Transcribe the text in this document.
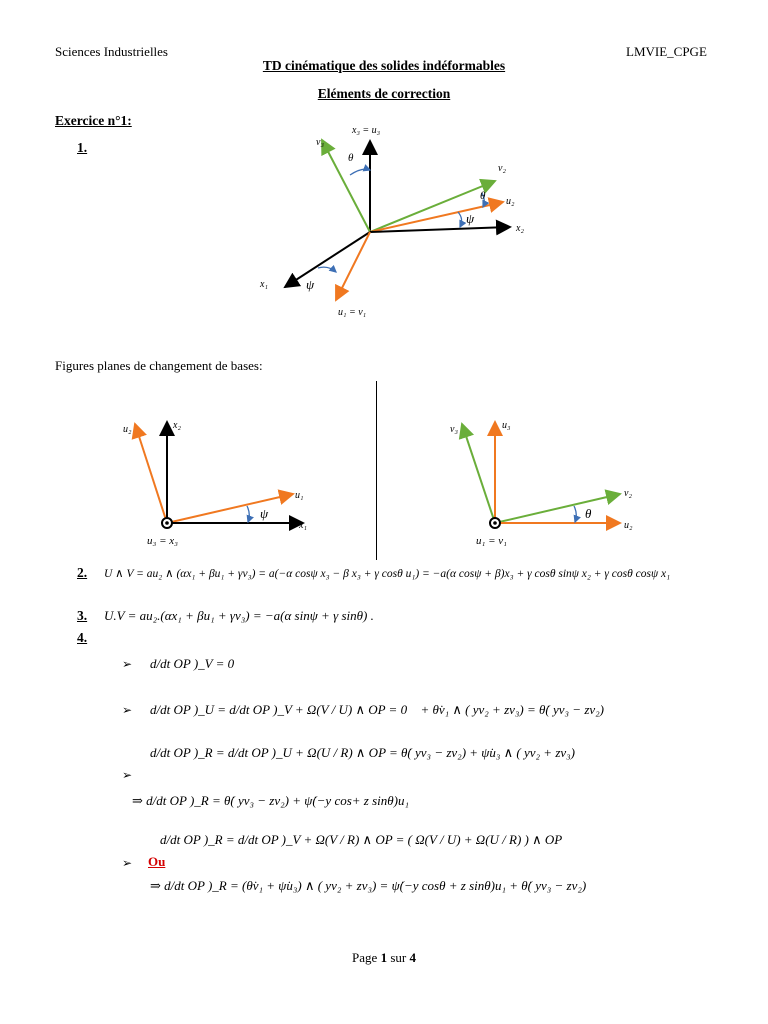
Sciences Industrielles	LMVIE_CPGE
TD cinématique des solides indéformables
Eléments de correction
Exercice n°1:
1.
x₃ = u₃
v₃
θ
v₂
θ u₂
ψ
x₂
x₁	ψ
u₁ = v₁
Figures planes de changement de bases:
u₂	x₂
u₁
ψ
x₁
u₃ = x₃
v₃	u₃
v₂
θ
u₂
u₁ = v₁
2. U ∧ V = au₂ ∧ (αx₁ + βu₁ + γv₃) = a(−α cosψ x₃ − β x₃ + γ cosθ u₁) = −a(α cosψ + β)x₃ + γ cosθ sinψ x₂ + γ cosθ cosψ x₁
3. U.V = au₂.(αx₁ + βu₁ + γv₃) = −a(α sinψ + γ sinθ) .
4.
➢ d/dt OP )_V = 0⃗
➢ d/dt OP )_U = d/dt OP )_V + Ω(V / U) ∧ OP = 0⃗ + θ̇v₁ ∧ ( yv₂ + zv₃) = θ̇( yv₃ − zv₂)
d/dt OP )_R = d/dt OP )_U + Ω(U / R) ∧ OP = θ̇( yv₃ − zv₂) + ψ̇u₃ ∧ ( yv₂ + zv₃)
➢
⇒ d/dt OP )_R = θ̇( yv₃ − zv₂) + ψ̇(−y cos+ z sinθ)u₁
d/dt OP )_R = d/dt OP )_V + Ω(V / R) ∧ OP = ( Ω(V / U) + Ω(U / R) ) ∧ OP
➢ Ou
⇒ d/dt OP )_R = (θ̇v₁ + ψ̇u₃) ∧ ( yv₂ + zv₃) = ψ̇(−y cosθ + z sinθ)u₁ + θ̇( yv₃ − zv₂)
Page 1 sur 4
